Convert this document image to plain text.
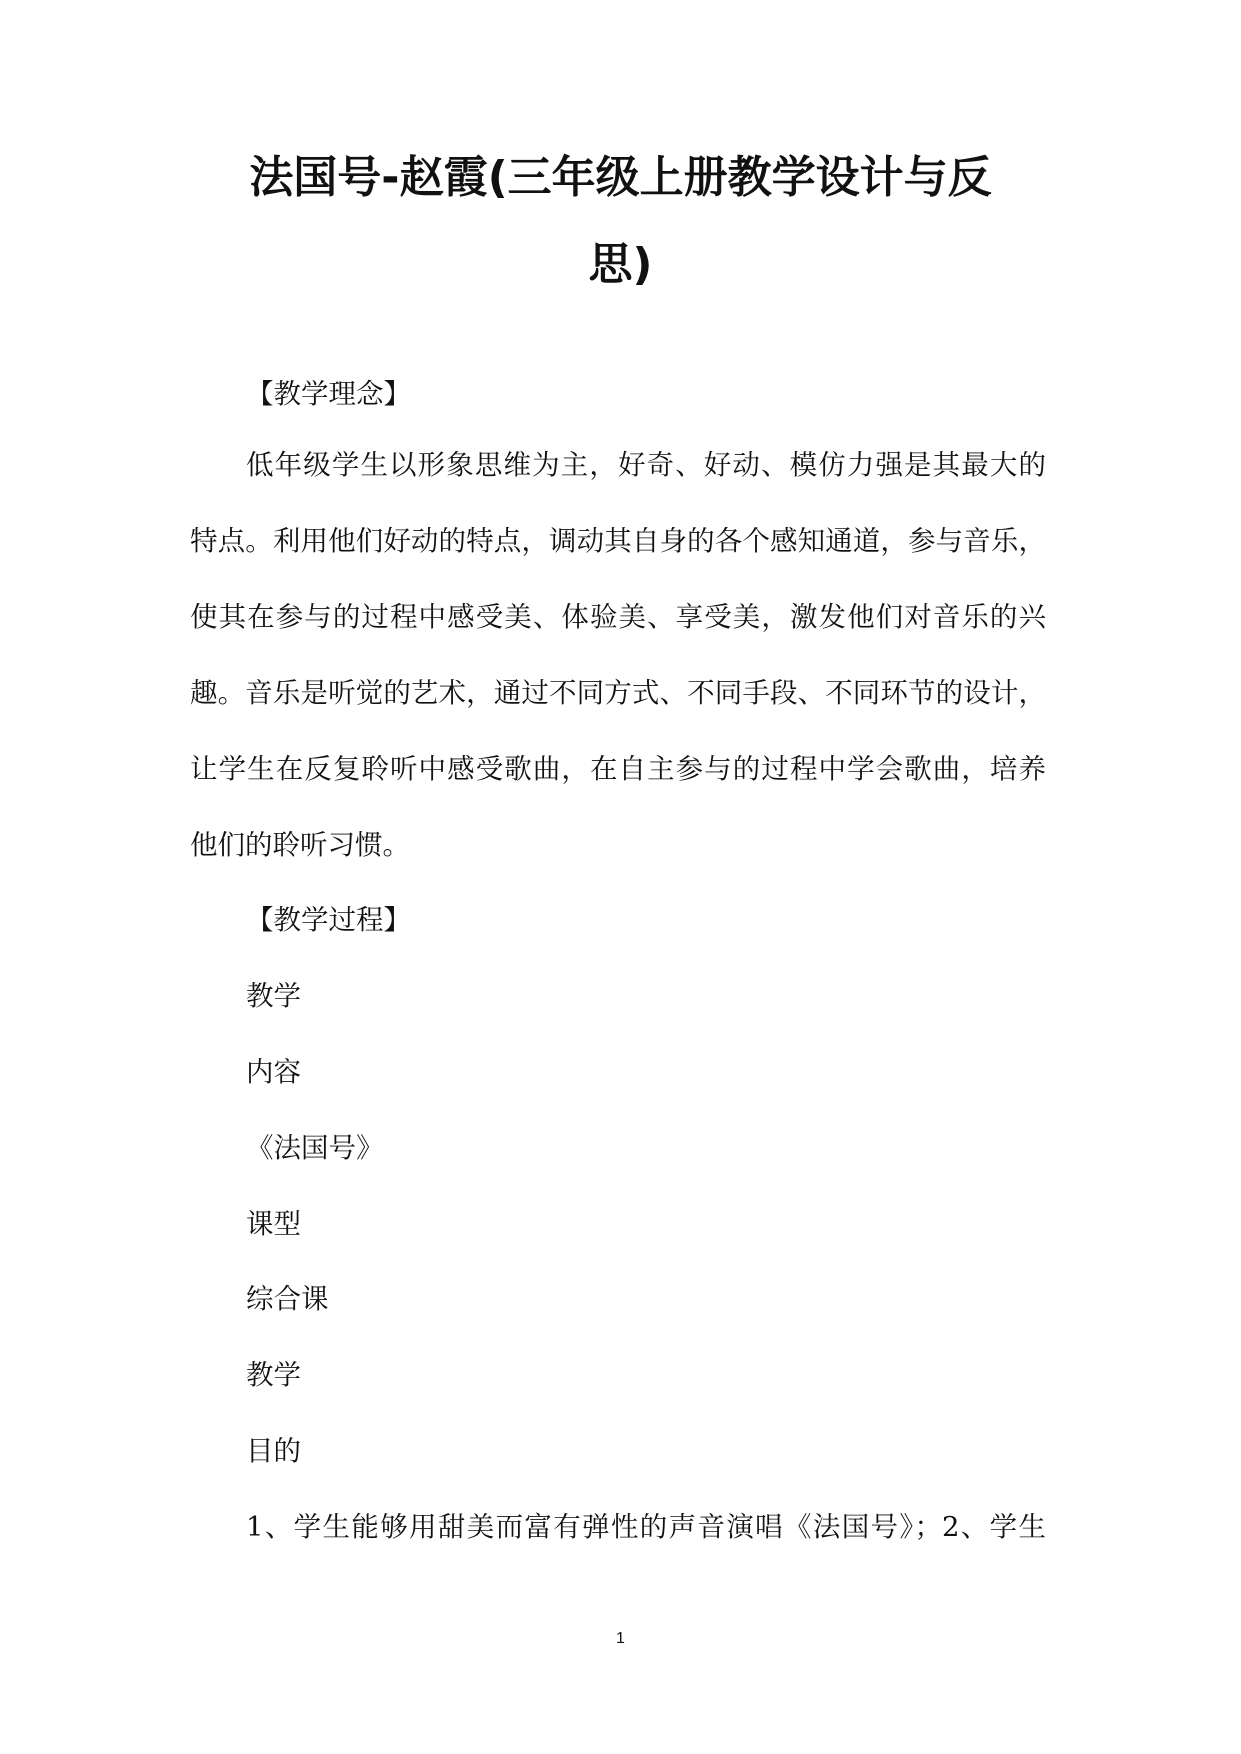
法国号-赵霞(三年级上册教学设计与反
思)

【教学理念】

低年级学生以形象思维为主，好奇、好动、模仿力强是其最大的

特点。利用他们好动的特点，调动其自身的各个感知通道，参与音乐，

使其在参与的过程中感受美、体验美、享受美，激发他们对音乐的兴

趣。音乐是听觉的艺术，通过不同方式、不同手段、不同环节的设计，

让学生在反复聆听中感受歌曲，在自主参与的过程中学会歌曲，培养

他们的聆听习惯。

【教学过程】

教学

内容

《法国号》

课型

综合课

教学

目的

1、学生能够用甜美而富有弹性的声音演唱《法国号》；2、学生

1
